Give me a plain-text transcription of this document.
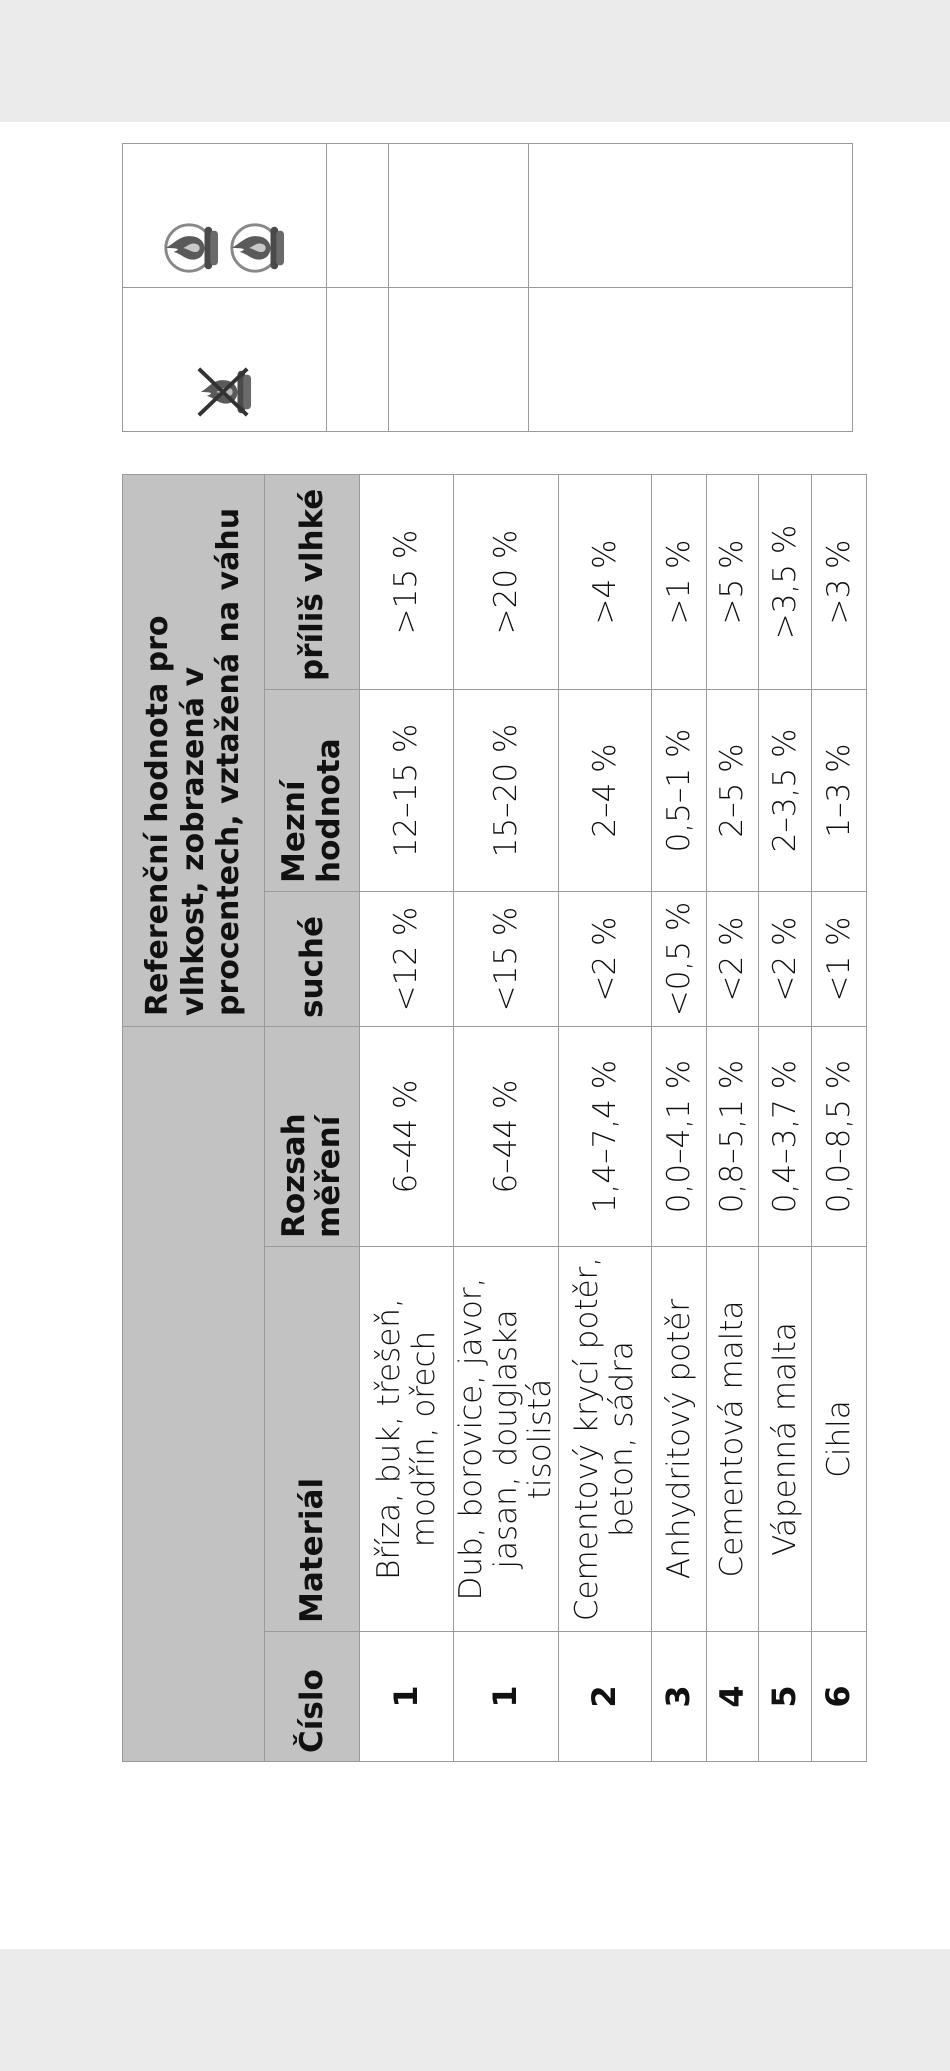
			Referenční hodnota pro vlhkost, zobrazená v procentech, vztažená na váhu		
Číslo	Materiál	Rozsah měření	suché	Mezní hodnota	příliš vlhké
1	Bříza, buk, třešeň, modřín, ořech	6–44 %	<12 %	12–15 %	>15 %
1	Dub, borovice, javor, jasan, douglaska tisolistá	6–44 %	<15 %	15–20 %	>20 %
2	Cementový krycí potěr, beton, sádra	1,4–7,4 %	<2 %	2–4 %	>4 %
3	Anhydritový potěr	0,0–4,1 %	<0,5 %	0,5–1 %	>1 %
4	Cementová malta	0,8–5,1 %	<2 %	2–5 %	>5 %
5	Vápenná malta	0,4–3,7 %	<2 %	2–3,5 %	>3,5 %
6	Cihla	0,0–8,5 %	<1 %	1–3 %	>3 %
